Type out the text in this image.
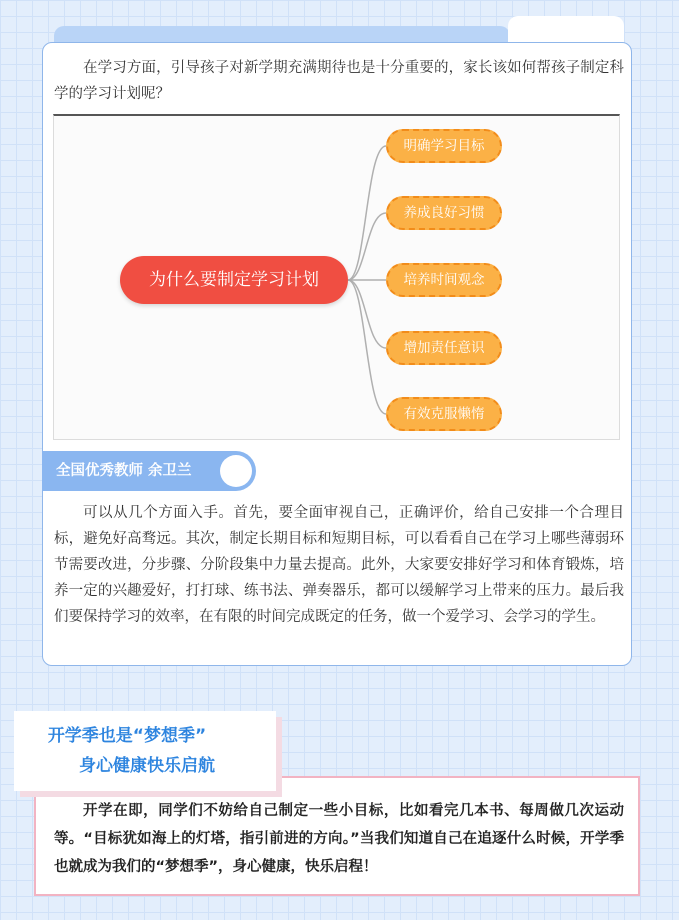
在学习方面，引导孩子对新学期充满期待也是十分重要的，家长该如何帮孩子制定科学的学习计划呢？

为什么要制定学习计划
明确学习目标
养成良好习惯
培养时间观念
增加责任意识
有效克服懒惰
全国优秀教师 余卫兰

可以从几个方面入手。首先，要全面审视自己，正确评价，给自己安排一个合理目标，避免好高骛远。其次，制定长期目标和短期目标，可以看看自己在学习上哪些薄弱环节需要改进，分步骤、分阶段集中力量去提高。此外，大家要安排好学习和体育锻炼，培养一定的兴趣爱好，打打球、练书法、弹奏器乐，都可以缓解学习上带来的压力。最后我们要保持学习的效率，在有限的时间完成既定的任务，做一个爱学习、会学习的学生。

开学季也是“梦想季”
身心健康快乐启航

开学在即，同学们不妨给自己制定一些小目标，比如看完几本书、每周做几次运动等。“目标犹如海上的灯塔，指引前进的方向。”当我们知道自己在追逐什么时候，开学季也就成为我们的“梦想季”，身心健康，快乐启程！
